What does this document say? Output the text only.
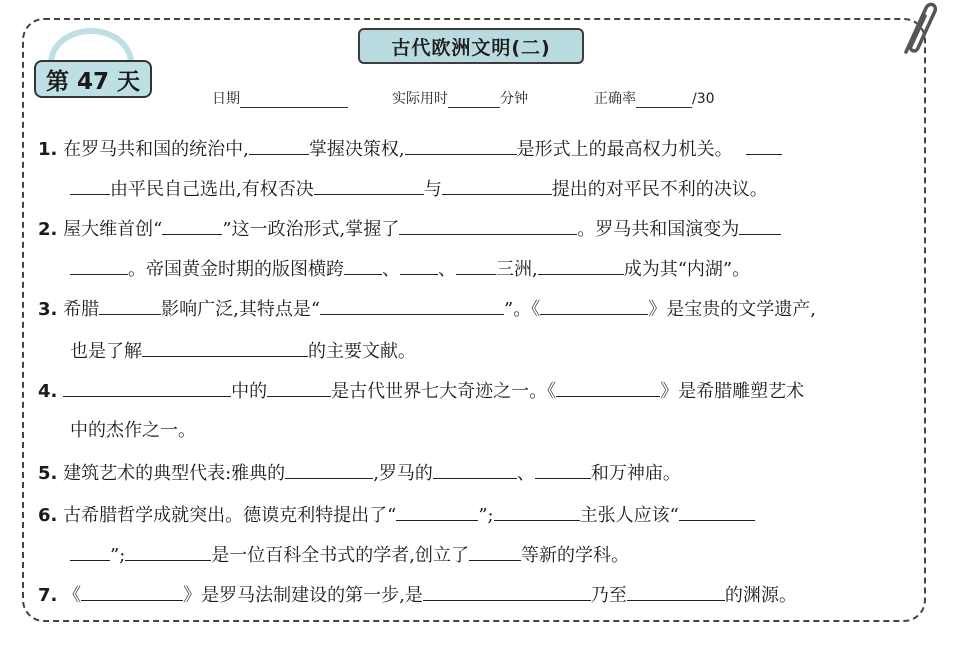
第 47 天
古代欧洲文明(二)
日期	实际用时	分钟	正确率	/30
1. 在罗马共和国的统治中,	掌握决策权,	是形式上的最高权力机关。
由平民自己选出,有权否决	与	提出的对平民不利的决议。
2. 屋大维首创“	”这一政治形式,掌握了	。罗马共和国演变为
。帝国黄金时期的版图横跨 、 、 三洲,	成为其“内湖”。
3. 希腊	影响广泛,其特点是“	”。《	》是宝贵的文学遗产,
也是了解	的主要文献。
4.	中的	是古代世界七大奇迹之一。《	》是希腊雕塑艺术
中的杰作之一。
5. 建筑艺术的典型代表:雅典的	,罗马的	、	和万神庙。
6. 古希腊哲学成就突出。德谟克利特提出了“	”;	主张人应该“
”;	是一位百科全书式的学者,创立了	等新的学科。
7. 《	》是罗马法制建设的第一步,是	乃至	的渊源。
